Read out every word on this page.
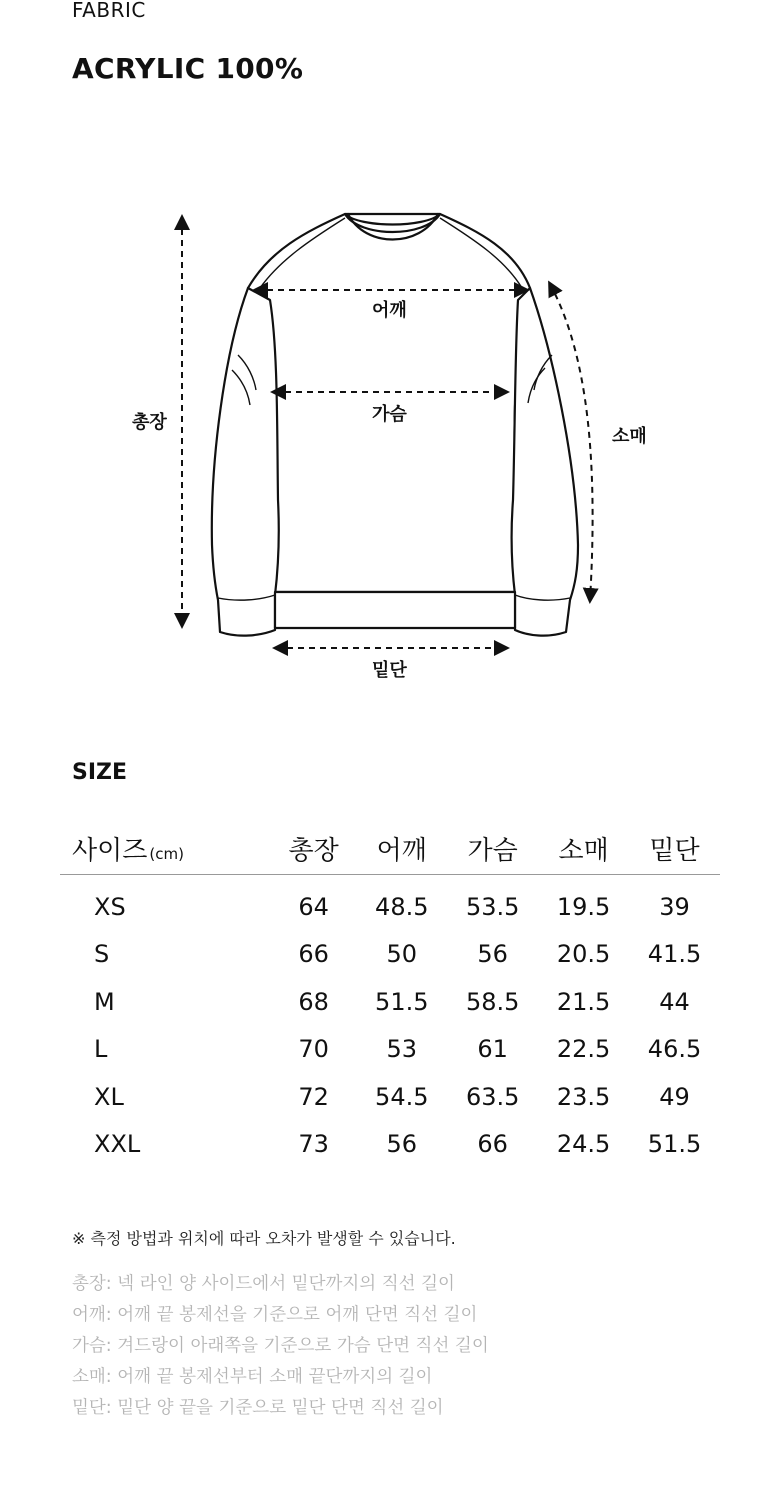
FABRIC
ACRYLIC 100%
어깨
가슴
총장
소매
밑단
SIZE
사이즈 (cm)	총장	어깨	가슴	소매	밑단
XS	64	48.5	53.5	19.5	39
S	66	50	56	20.5	41.5
M	68	51.5	58.5	21.5	44
L	70	53	61	22.5	46.5
XL	72	54.5	63.5	23.5	49
XXL	73	56	66	24.5	51.5
※ 측정 방법과 위치에 따라 오차가 발생할 수 있습니다.
총장: 넥 라인 양 사이드에서 밑단까지의 직선 길이
어깨: 어깨 끝 봉제선을 기준으로 어깨 단면 직선 길이
가슴: 겨드랑이 아래쪽을 기준으로 가슴 단면 직선 길이
소매: 어깨 끝 봉제선부터 소매 끝단까지의 길이
밑단: 밑단 양 끝을 기준으로 밑단 단면 직선 길이
